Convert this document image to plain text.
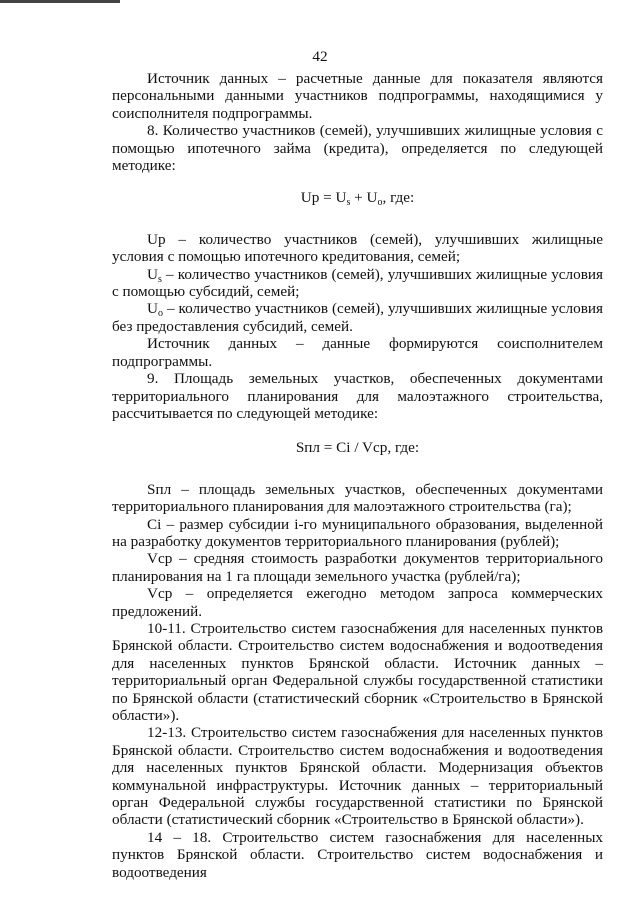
42

Источник данных – расчетные данные для показателя являются персональными данными участников подпрограммы, находящимися у соисполнителя подпрограммы.

8. Количество участников (семей), улучшивших жилищные условия с помощью ипотечного займа (кредита), определяется по следующей методике:

$Up = U_s + U_o$, где:

Up – количество участников (семей), улучшивших жилищные условия с помощью ипотечного кредитования, семей;

$U_s$ – количество участников (семей), улучшивших жилищные условия с помощью субсидий, семей;

$U_o$ – количество участников (семей), улучшивших жилищные условия без предоставления субсидий, семей.

Источник данных – данные формируются соисполнителем подпрограммы.

9. Площадь земельных участков, обеспеченных документами территориального планирования для малоэтажного строительства, рассчитывается по следующей методике:

Sпл = Ci / Vcp, где:

Sпл – площадь земельных участков, обеспеченных документами территориального планирования для малоэтажного строительства (га);

Ci – размер субсидии i-го муниципального образования, выделенной на разработку документов территориального планирования (рублей);

Vcp – средняя стоимость разработки документов территориального планирования на 1 га площади земельного участка (рублей/га);

Vcp – определяется ежегодно методом запроса коммерческих предложений.

10-11. Строительство систем газоснабжения для населенных пунктов Брянской области. Строительство систем водоснабжения и водоотведения для населенных пунктов Брянской области. Источник данных – территориальный орган Федеральной службы государственной статистики по Брянской области (статистический сборник «Строительство в Брянской области»).

12-13. Строительство систем газоснабжения для населенных пунктов Брянской области. Строительство систем водоснабжения и водоотведения для населенных пунктов Брянской области. Модернизация объектов коммунальной инфраструктуры. Источник данных – территориальный орган Федеральной службы государственной статистики по Брянской области (статистический сборник «Строительство в Брянской области»).

14 – 18. Строительство систем газоснабжения для населенных пунктов Брянской области. Строительство систем водоснабжения и водоотведения
